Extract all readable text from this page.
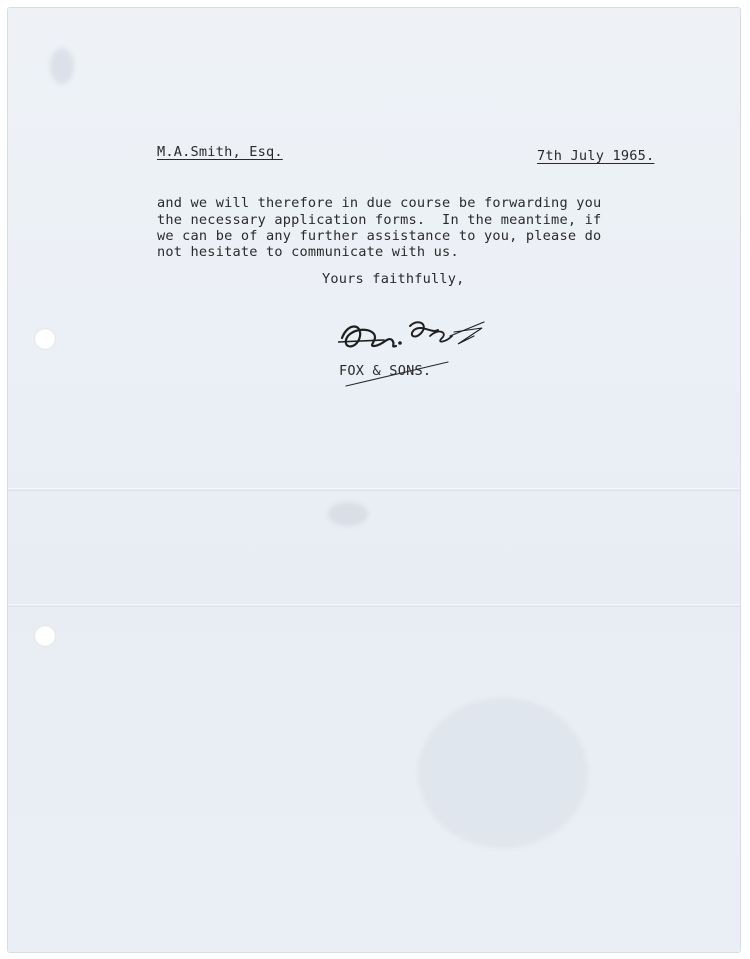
M.A.Smith, Esq.	7th July 1965.
and we will therefore in due course be forwarding you
the necessary application forms.  In the meantime, if
we can be of any further assistance to you, please do
not hesitate to communicate with us.
Yours faithfully,
FOX & SONS.
